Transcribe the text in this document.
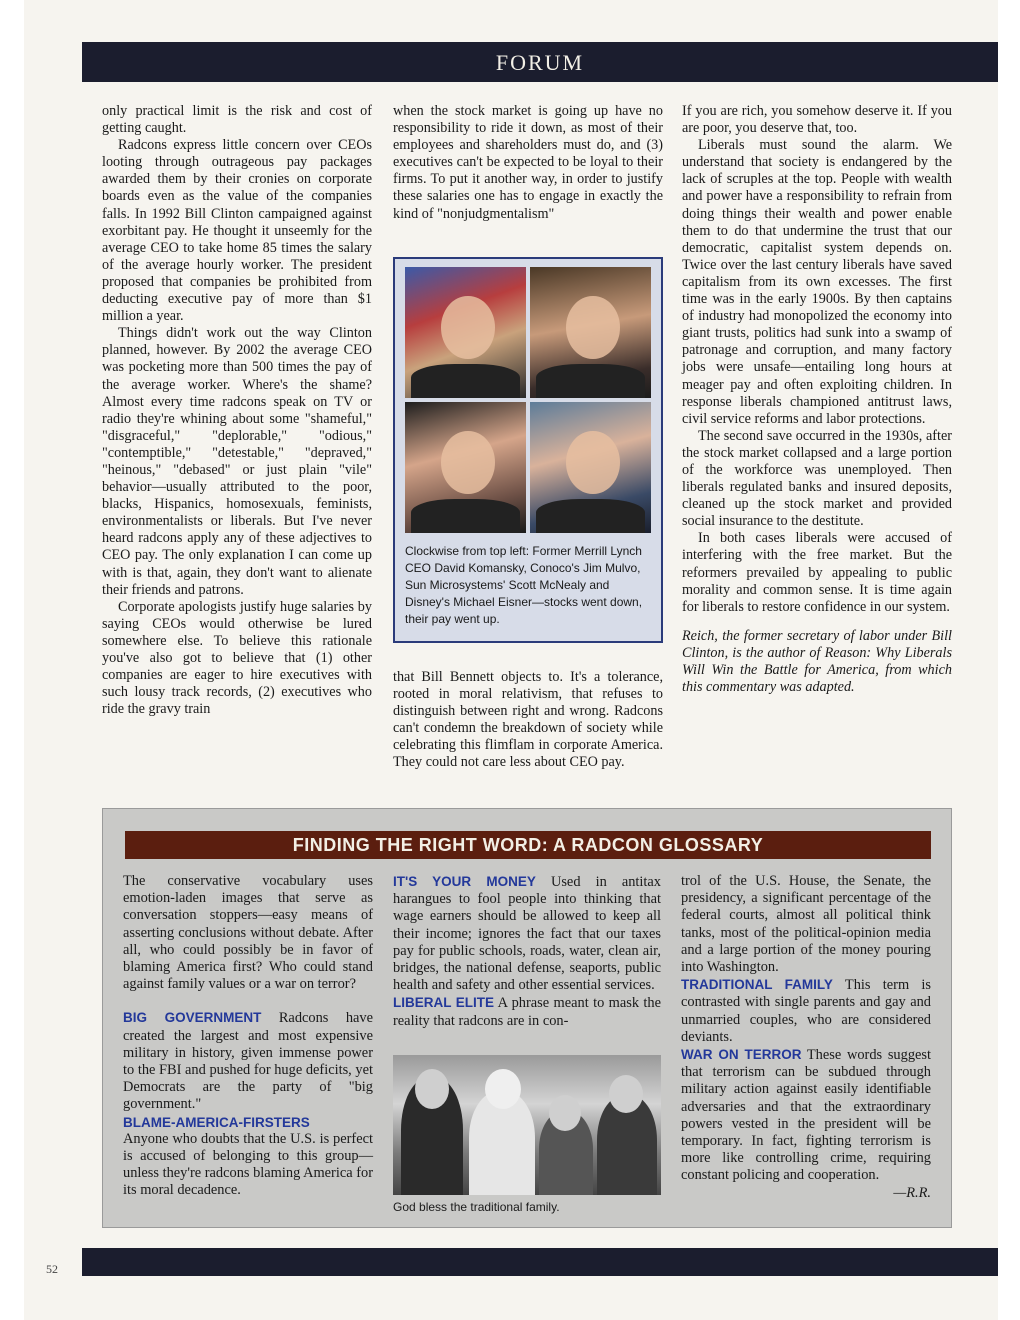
FORUM

only practical limit is the risk and cost of getting caught.

Radcons express little concern over CEOs looting through outrageous pay packages awarded them by their cronies on corporate boards even as the value of the companies falls. In 1992 Bill Clinton campaigned against exorbitant pay. He thought it unseemly for the average CEO to take home 85 times the salary of the average hourly worker. The president proposed that companies be prohibited from deducting executive pay of more than $1 million a year.

Things didn't work out the way Clinton planned, however. By 2002 the average CEO was pocketing more than 500 times the pay of the average worker. Where's the shame? Almost every time radcons speak on TV or radio they're whining about some "shameful," "disgraceful," "deplorable," "odious," "contemptible," "detestable," "depraved," "heinous," "debased" or just plain "vile" behavior—usually attributed to the poor, blacks, Hispanics, homosexuals, feminists, environmentalists or liberals. But I've never heard radcons apply any of these adjectives to CEO pay. The only explanation I can come up with is that, again, they don't want to alienate their friends and patrons.

Corporate apologists justify huge salaries by saying CEOs would otherwise be lured somewhere else. To believe this rationale you've also got to believe that (1) other companies are eager to hire executives with such lousy track records, (2) executives who ride the gravy train

when the stock market is going up have no responsibility to ride it down, as most of their employees and shareholders must do, and (3) executives can't be expected to be loyal to their firms. To put it another way, in order to justify these salaries one has to engage in exactly the kind of "nonjudgmentalism"

Clockwise from top left: Former Merrill Lynch CEO David Komansky, Conoco's Jim Mulvo, Sun Microsystems' Scott McNealy and Disney's Michael Eisner—stocks went down, their pay went up.

that Bill Bennett objects to. It's a tolerance, rooted in moral relativism, that refuses to distinguish between right and wrong. Radcons can't condemn the breakdown of society while celebrating this flimflam in corporate America. They could not care less about CEO pay.

If you are rich, you somehow deserve it. If you are poor, you deserve that, too.

Liberals must sound the alarm. We understand that society is endangered by the lack of scruples at the top. People with wealth and power have a responsibility to refrain from doing things their wealth and power enable them to do that undermine the trust that our democratic, capitalist system depends on. Twice over the last century liberals have saved capitalism from its own excesses. The first time was in the early 1900s. By then captains of industry had monopolized the economy into giant trusts, politics had sunk into a swamp of patronage and corruption, and many factory jobs were unsafe—entailing long hours at meager pay and often exploiting children. In response liberals championed antitrust laws, civil service reforms and labor protections.

The second save occurred in the 1930s, after the stock market collapsed and a large portion of the workforce was unemployed. Then liberals regulated banks and insured deposits, cleaned up the stock market and provided social insurance to the destitute.

In both cases liberals were accused of interfering with the free market. But the reformers prevailed by appealing to public morality and common sense. It is time again for liberals to restore confidence in our system.

Reich, the former secretary of labor under Bill Clinton, is the author of Reason: Why Liberals Will Win the Battle for America, from which this commentary was adapted.

FINDING THE RIGHT WORD: A RADCON GLOSSARY

The conservative vocabulary uses emotion-laden images that serve as conversation stoppers—easy means of asserting conclusions without debate. After all, who could possibly be in favor of blaming America first? Who could stand against family values or a war on terror?

BIG GOVERNMENT Radcons have created the largest and most expensive military in history, given immense power to the FBI and pushed for huge deficits, yet Democrats are the party of "big government."

BLAME-AMERICA-FIRSTERS
Anyone who doubts that the U.S. is perfect is accused of belonging to this group—unless they're radcons blaming America for its moral decadence.

IT'S YOUR MONEY Used in antitax harangues to fool people into thinking that wage earners should be allowed to keep all their income; ignores the fact that our taxes pay for public schools, roads, water, clean air, bridges, the national defense, seaports, public health and safety and other essential services.

LIBERAL ELITE A phrase meant to mask the reality that radcons are in con-

God bless the traditional family.

trol of the U.S. House, the Senate, the presidency, a significant percentage of the federal courts, almost all political think tanks, most of the political-opinion media and a large portion of the money pouring into Washington.

TRADITIONAL FAMILY This term is contrasted with single parents and gay and unmarried couples, who are considered deviants.

WAR ON TERROR These words suggest that terrorism can be subdued through military action against easily identifiable adversaries and that the extraordinary powers vested in the president will be temporary. In fact, fighting terrorism is more like controlling crime, requiring constant policing and cooperation.

—R.R.
52
